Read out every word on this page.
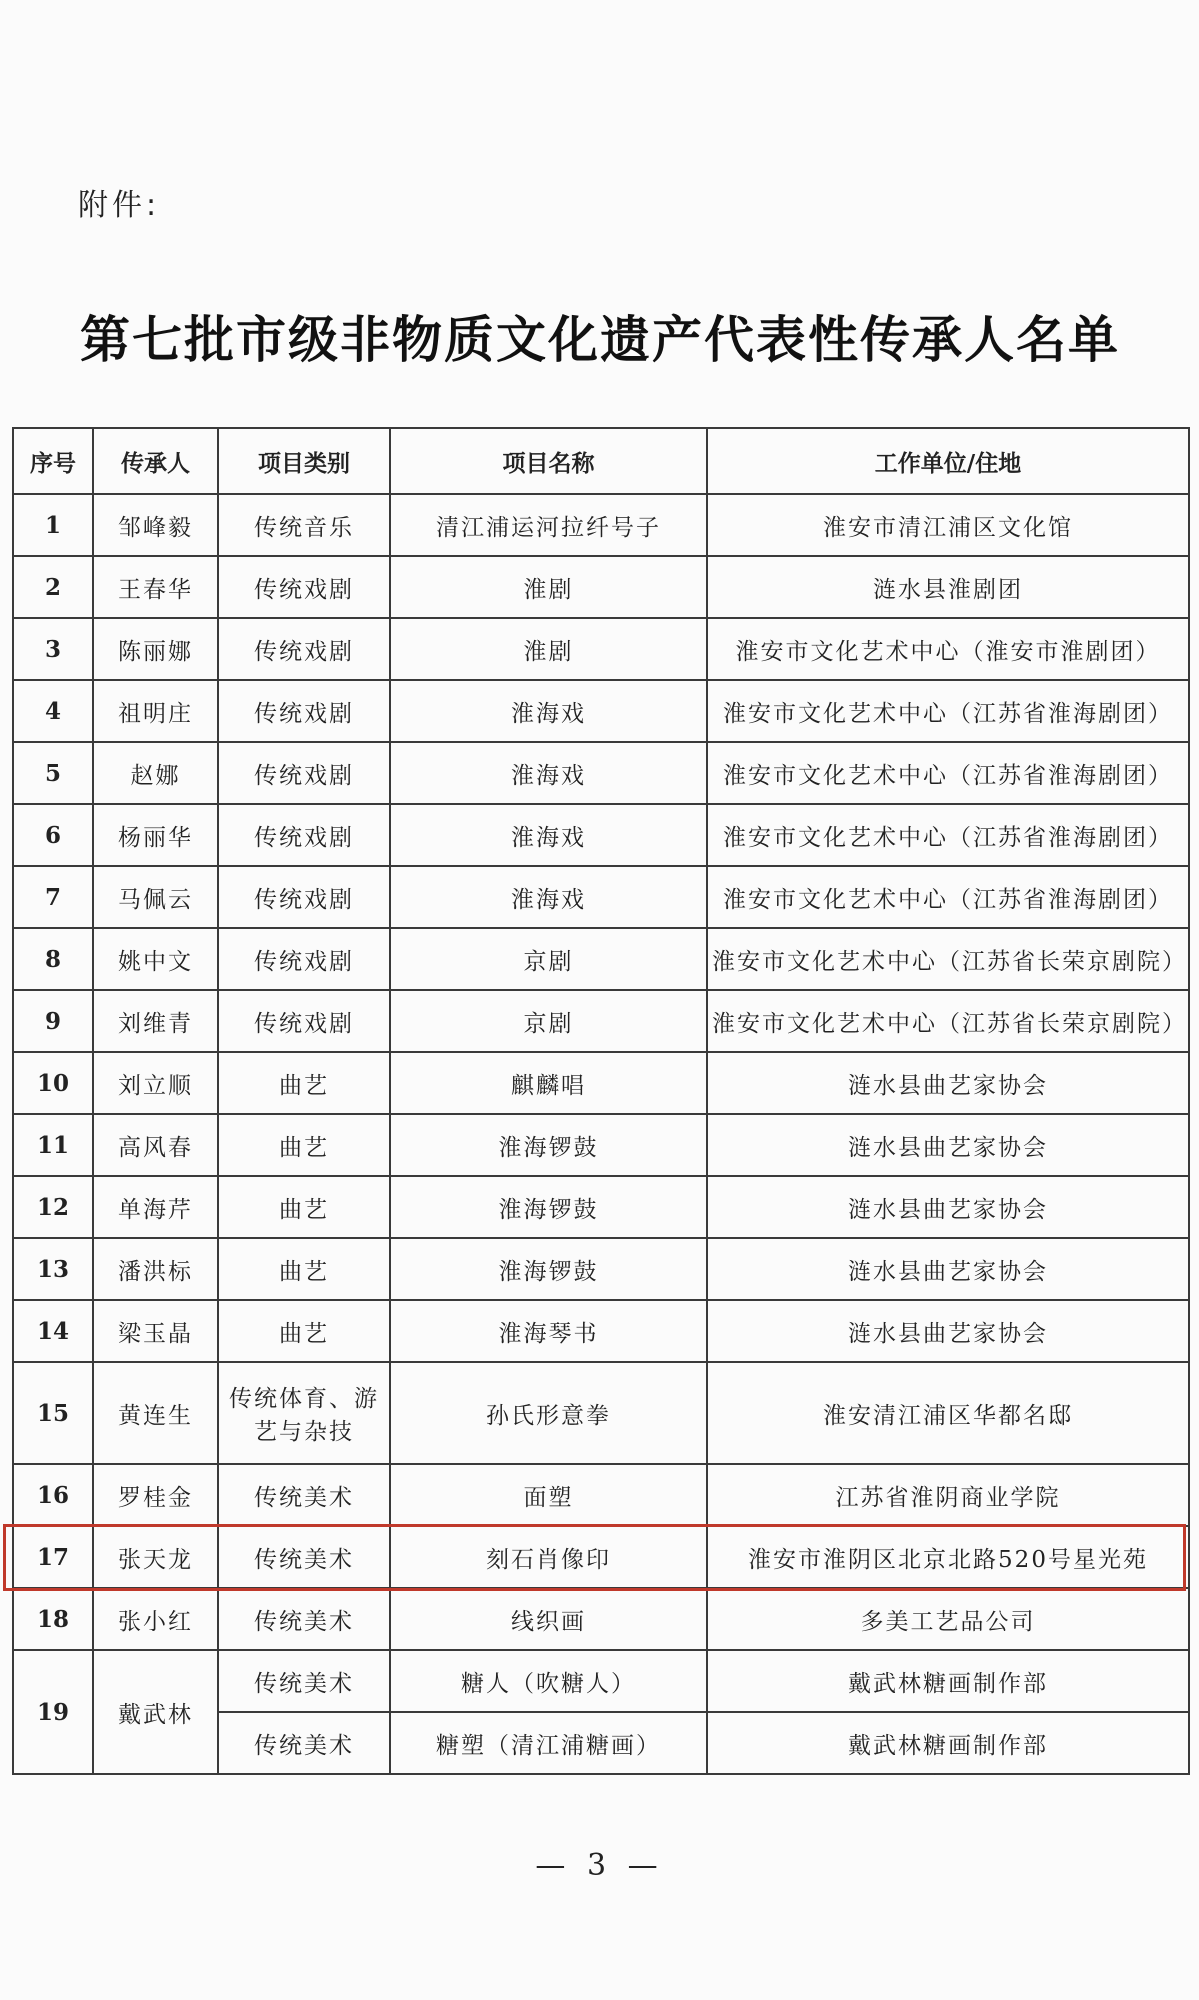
附件:
第七批市级非物质文化遗产代表性传承人名单
序号	传承人	项目类别	项目名称	工作单位/住地
1	邹峰毅	传统音乐	清江浦运河拉纤号子	淮安市清江浦区文化馆
2	王春华	传统戏剧	淮剧	涟水县淮剧团
3	陈丽娜	传统戏剧	淮剧	淮安市文化艺术中心（淮安市淮剧团）
4	祖明庄	传统戏剧	淮海戏	淮安市文化艺术中心（江苏省淮海剧团）
5	赵娜	传统戏剧	淮海戏	淮安市文化艺术中心（江苏省淮海剧团）
6	杨丽华	传统戏剧	淮海戏	淮安市文化艺术中心（江苏省淮海剧团）
7	马佩云	传统戏剧	淮海戏	淮安市文化艺术中心（江苏省淮海剧团）
8	姚中文	传统戏剧	京剧	淮安市文化艺术中心（江苏省长荣京剧院）
9	刘维青	传统戏剧	京剧	淮安市文化艺术中心（江苏省长荣京剧院）
10	刘立顺	曲艺	麒麟唱	涟水县曲艺家协会
11	高风春	曲艺	淮海锣鼓	涟水县曲艺家协会
12	单海芹	曲艺	淮海锣鼓	涟水县曲艺家协会
13	潘洪标	曲艺	淮海锣鼓	涟水县曲艺家协会
14	梁玉晶	曲艺	淮海琴书	涟水县曲艺家协会
15	黄连生	传统体育、游艺与杂技	孙氏形意拳	淮安清江浦区华都名邸
16	罗桂金	传统美术	面塑	江苏省淮阴商业学院
17	张天龙	传统美术	刻石肖像印	淮安市淮阴区北京北路520号星光苑
18	张小红	传统美术	线织画	多美工艺品公司
19	戴武林	传统美术	糖人（吹糖人）	戴武林糖画制作部
		传统美术	糖塑（清江浦糖画）	戴武林糖画制作部
— 3 —
